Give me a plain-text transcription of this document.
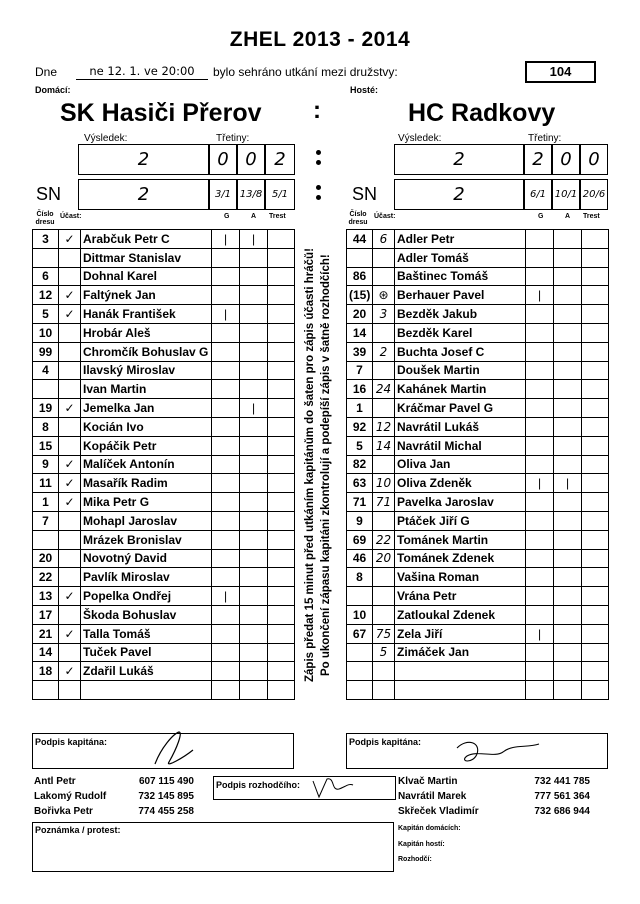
ZHEL 2013 - 2014
Dne	ne 12. 1. ve 20:00	bylo sehráno utkání mezi družstvy:	104
Domácí:	Hosté:
SK Hasiči Přerov :	HC Radkovy
Výsledek:	Třetiny:
2	0 0 2
SN	2	3/1 13/8 5/1
Výsledek:	Třetiny:
2	2 0 0
SN	2	6/1 10/1 20/6
Číslo dresu
Účast:	G	A Trest	Číslo dresu
Účast:	G	A Trest
3	✓	Arabčuk Petr C	|	|	
		Dittmar Stanislav			
6		Dohnal Karel			
12	✓	Faltýnek Jan			
5	✓	Hanák František	|		
10		Hrobár Aleš			
99		Chromčík Bohuslav G			
4		Ilavský Miroslav			
		Ivan Martin			
19	✓	Jemelka Jan		|	
8		Kocián Ivo			
15		Kopáčik Petr			
9	✓	Malíček Antonín			
11	✓	Masařík Radim			
1	✓	Mika Petr G			
7		Mohapl Jaroslav			
		Mrázek Bronislav			
20		Novotný David			
22		Pavlík Miroslav			
13	✓	Popelka Ondřej	|		
17		Škoda Bohuslav			
21	✓	Talla Tomáš			
14		Tuček Pavel			
18	✓	Zdařil Lukáš			

44	6	Adler Petr			
		Adler Tomáš			
86		Baštinec Tomáš			
(15)	⊛	Berhauer Pavel	|		
20	3	Bezděk Jakub			
14		Bezděk Karel			
39	2	Buchta Josef C			
7		Doušek Martin			
16	24	Kahánek Martin			
1		Kráčmar Pavel G			
92	12	Navrátil Lukáš			
5	14	Navrátil Michal			
82		Oliva Jan			
63	10	Oliva Zdeněk	|	|	
71	71	Pavelka Jaroslav			
9		Ptáček Jiří G			
69	22	Tománek Martin			
46	20	Tománek Zdenek			
8		Vašina Roman			
		Vrána Petr			
10		Zatloukal Zdenek			
67	75	Zela Jiří	|		
	5	Zimáček Jan			

Zápis předat 15 minut před utkáním kapitánům do šaten pro zápis účasti hráčů! Po ukončení zápasu kapitáni zkontrolují a podepíší zápis v šatně rozhodčích!
Podpis kapitána:	Podpis kapitána:
Antl Petr	607 115 490
Lakomý Rudolf	732 145 895
Bořivka Petr	774 455 258
Podpis rozhodčího:	Klvač Martin	732 441 785
Navrátil Marek	777 561 364
Skřeček Vladimír	732 686 944
Poznámka / protest:	Kapitán domácích:
Kapitán hostí:
Rozhodčí:
